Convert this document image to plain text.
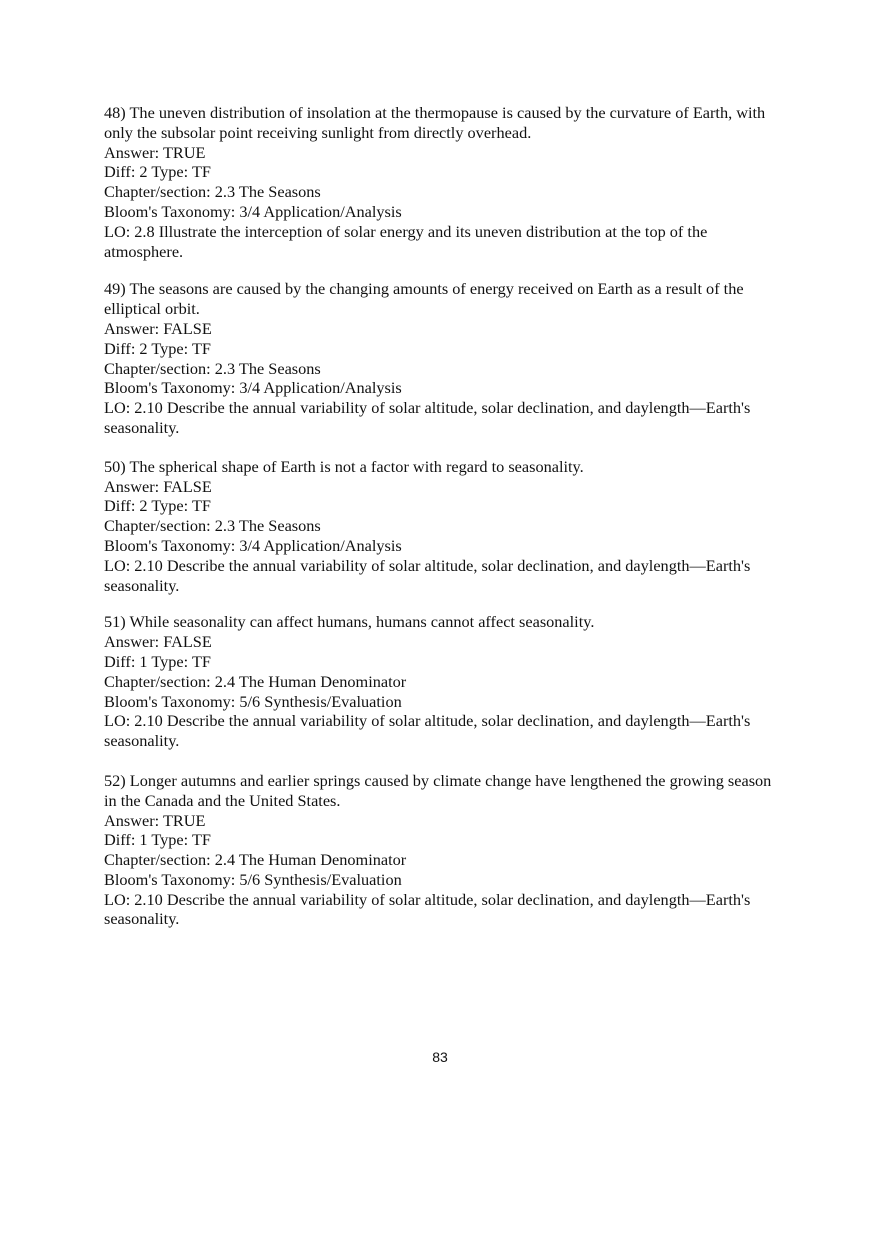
48) The uneven distribution of insolation at the thermopause is caused by the curvature of Earth, with only the subsolar point receiving sunlight from directly overhead.

Answer: TRUE

Diff: 2 Type: TF

Chapter/section: 2.3 The Seasons

Bloom's Taxonomy: 3/4 Application/Analysis

LO: 2.8 Illustrate the interception of solar energy and its uneven distribution at the top of the atmosphere.

49) The seasons are caused by the changing amounts of energy received on Earth as a result of the elliptical orbit.

Answer: FALSE

Diff: 2 Type: TF

Chapter/section: 2.3 The Seasons

Bloom's Taxonomy: 3/4 Application/Analysis

LO: 2.10 Describe the annual variability of solar altitude, solar declination, and daylength—Earth's seasonality.

50) The spherical shape of Earth is not a factor with regard to seasonality.

Answer: FALSE

Diff: 2 Type: TF

Chapter/section: 2.3 The Seasons

Bloom's Taxonomy: 3/4 Application/Analysis

LO: 2.10 Describe the annual variability of solar altitude, solar declination, and daylength—Earth's seasonality.

51) While seasonality can affect humans, humans cannot affect seasonality.

Answer: FALSE

Diff: 1 Type: TF

Chapter/section: 2.4 The Human Denominator

Bloom's Taxonomy: 5/6 Synthesis/Evaluation

LO: 2.10 Describe the annual variability of solar altitude, solar declination, and daylength—Earth's seasonality.

52) Longer autumns and earlier springs caused by climate change have lengthened the growing season in the Canada and the United States.

Answer: TRUE

Diff: 1 Type: TF

Chapter/section: 2.4 The Human Denominator

Bloom's Taxonomy: 5/6 Synthesis/Evaluation

LO: 2.10 Describe the annual variability of solar altitude, solar declination, and daylength—Earth's seasonality.

83
